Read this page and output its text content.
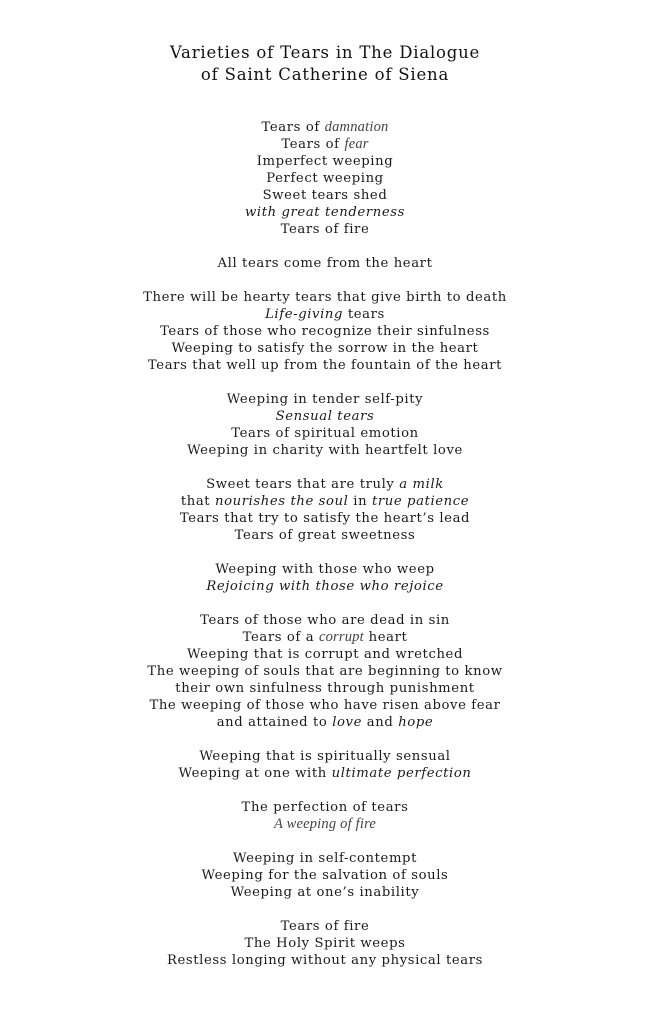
Varieties of Tears in The Dialogue
of Saint Catherine of Siena
Tears of damnation
Tears of fear
Imperfect weeping
Perfect weeping
Sweet tears shed
with great tenderness
Tears of fire
All tears come from the heart
There will be hearty tears that give birth to death
Life-giving tears
Tears of those who recognize their sinfulness
Weeping to satisfy the sorrow in the heart
Tears that well up from the fountain of the heart
Weeping in tender self-pity
Sensual tears
Tears of spiritual emotion
Weeping in charity with heartfelt love
Sweet tears that are truly a milk
that nourishes the soul in true patience
Tears that try to satisfy the heart’s lead
Tears of great sweetness
Weeping with those who weep
Rejoicing with those who rejoice
Tears of those who are dead in sin
Tears of a corrupt heart
Weeping that is corrupt and wretched
The weeping of souls that are beginning to know
their own sinfulness through punishment
The weeping of those who have risen above fear
and attained to love and hope
Weeping that is spiritually sensual
Weeping at one with ultimate perfection
The perfection of tears
A weeping of fire
Weeping in self-contempt
Weeping for the salvation of souls
Weeping at one’s inability
Tears of fire
The Holy Spirit weeps
Restless longing without any physical tears
